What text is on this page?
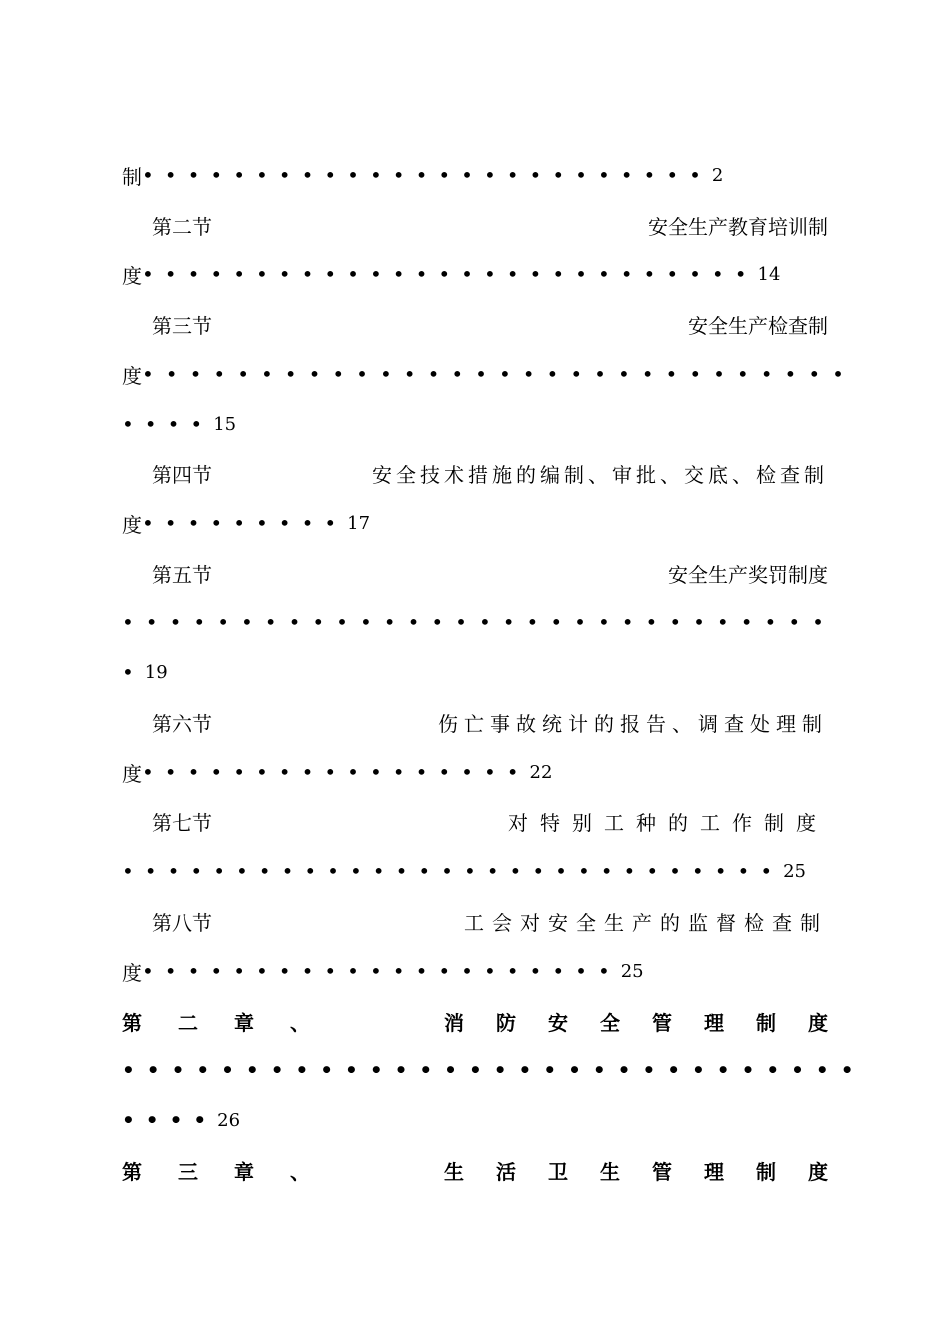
制 ••••••••••••••••••••••••• 2
第二节	安全生产教育培训制
度 ••••••••••••••••••••••••••• 14
第三节	安全生产检查制
度 ••••••••••••••••••••••••••••••
•••• 15
第四节	安全技术措施的编制、审批、交底、检查制
度 ••••••••• 17
第五节	安全生产奖罚制度
••••••••••••••••••••••••••••••
• 19
第六节	伤亡事故统计的报告、调查处理制
度 ••••••••••••••••• 22
第七节	对特别工种的工作制度
••••••••••••••••••••••••••••• 25
第八节	工会对安全生产的监督检查制
度 ••••••••••••••••••••• 25
第二章、	消防安全管理制度
••••••••••••••••••••••••••••••
•••• 26
第三章、	生活卫生管理制度
